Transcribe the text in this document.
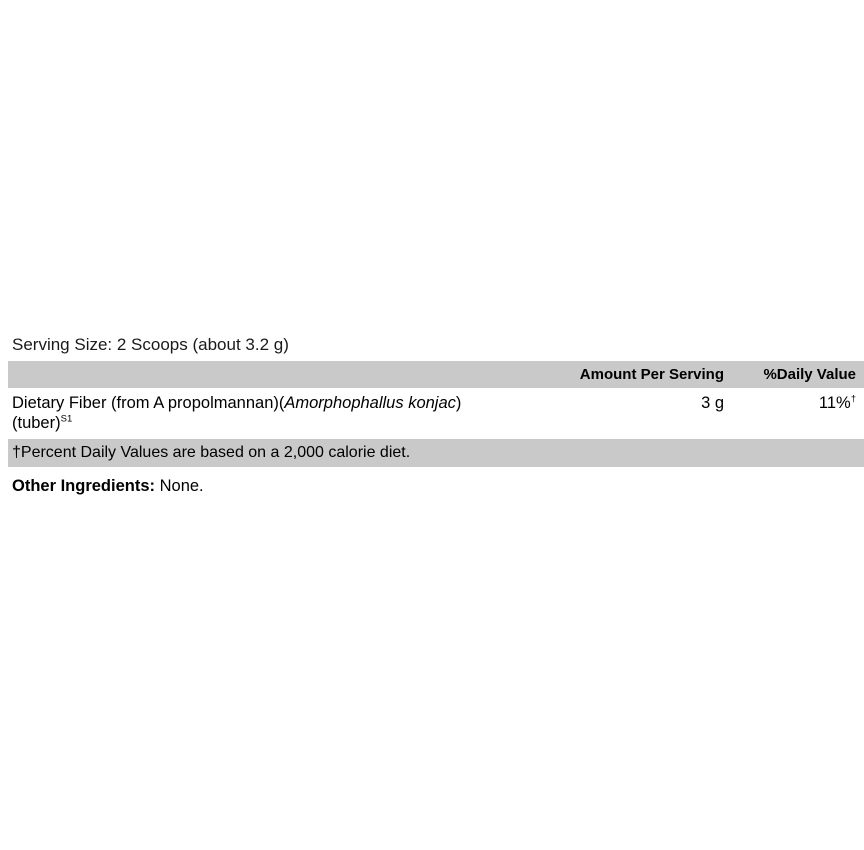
Serving Size: 2 Scoops (about 3.2 g)
	Amount Per Serving	%Daily Value
Dietary Fiber (from A propolmannan)(Amorphophallus konjac)
(tuber)$^{S1}$	3 g	11%†
†Percent Daily Values are based on a 2,000 calorie diet.		
Other Ingredients: None.
